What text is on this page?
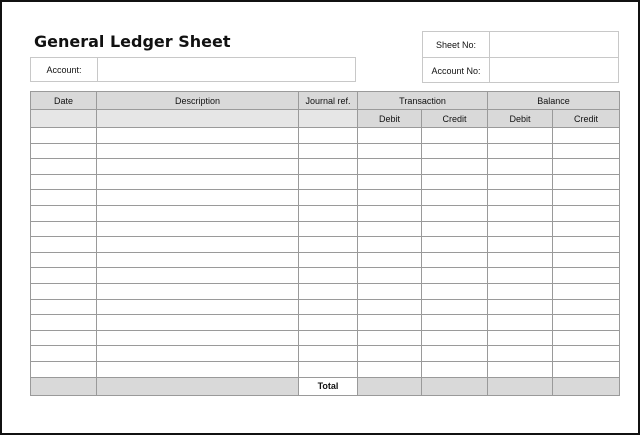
General Ledger Sheet
Account:
Sheet No:
Account No:
Date	Description	Journal ref.	Transaction		Balance	
			Debit	Credit	Debit	Credit

		Total				
